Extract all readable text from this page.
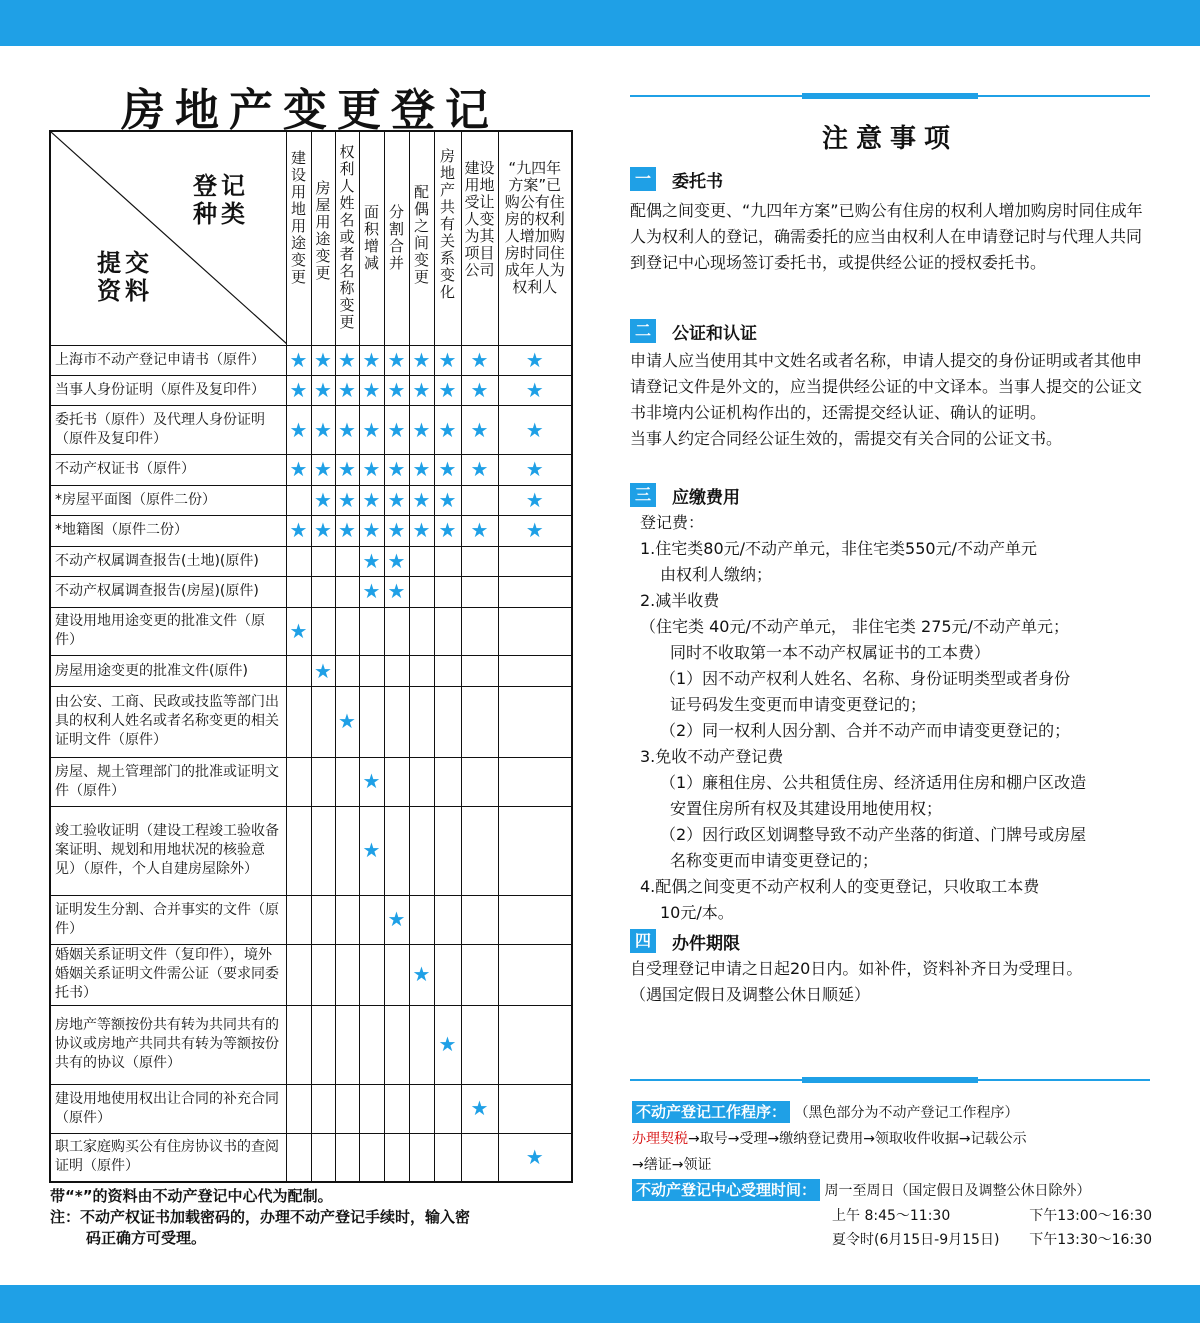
房地产变更登记
登记
种类
提交
资料	建设用地用途变更	房屋用途变更	权利人姓名或者名称变更	面积增减	分割合并	配偶之间变更	房地产共有关系变化	建设用地受让人变为其项目公司	“九四年方案”已购公有住房的权利人增加购房时同住成年人为权利人

上海市不动产登记申请书（原件）	★	★	★	★	★	★	★	★	★
当事人身份证明（原件及复印件）	★	★	★	★	★	★	★	★	★
委托书（原件）及代理人身份证明（原件及复印件）	★	★	★	★	★	★	★	★	★
不动产权证书（原件）	★	★	★	★	★	★	★	★	★
*房屋平面图（原件二份）		★	★	★	★	★	★		★
*地籍图（原件二份）	★	★	★	★	★	★	★	★	★
不动产权属调查报告(土地)(原件)				★	★				
不动产权属调查报告(房屋)(原件)				★	★				
建设用地用途变更的批准文件（原件）	★								
房屋用途变更的批准文件(原件)		★							
由公安、工商、民政或技监等部门出具的权利人姓名或者名称变更的相关证明文件（原件）			★						
房屋、规土管理部门的批准或证明文件（原件）				★					
竣工验收证明（建设工程竣工验收备案证明、规划和用地状况的核验意见）（原件，个人自建房屋除外）				★					
证明发生分割、合并事实的文件（原件）					★				
婚姻关系证明文件（复印件），境外婚姻关系证明文件需公证（要求同委托书）						★			
房地产等额按份共有转为共同共有的协议或房地产共同共有转为等额按份共有的协议（原件）							★		
建设用地使用权出让合同的补充合同（原件）								★	
职工家庭购买公有住房协议书的查阅证明（原件）									★
带“*”的资料由不动产登记中心代为配制。
注：不动产权证书加载密码的，办理不动产登记手续时，输入密
码正确方可受理。
注意事项
一 委托书

配偶之间变更、“九四年方案”已购公有住房的权利人增加购房时同住成年人为权利人的登记，确需委托的应当由权利人在申请登记时与代理人共同到登记中心现场签订委托书，或提供经公证的授权委托书。

二 公证和认证

申请人应当使用其中文姓名或者名称，申请人提交的身份证明或者其他申请登记文件是外文的，应当提供经公证的中文译本。当事人提交的公证文书非境内公证机构作出的，还需提交经认证、确认的证明。

当事人约定合同经公证生效的，需提交有关合同的公证文书。

三 应缴费用

登记费：

1.住宅类80元/不动产单元，非住宅类550元/不动产单元

由权利人缴纳；

2.减半收费

（住宅类 40元/不动产单元， 非住宅类 275元/不动产单元；

同时不收取第一本不动产权属证书的工本费）

（1）因不动产权利人姓名、名称、身份证明类型或者身份

证号码发生变更而申请变更登记的；

（2）同一权利人因分割、合并不动产而申请变更登记的；

3.免收不动产登记费

（1）廉租住房、公共租赁住房、经济适用住房和棚户区改造

安置住房所有权及其建设用地使用权；

（2）因行政区划调整导致不动产坐落的街道、门牌号或房屋

名称变更而申请变更登记的；

4.配偶之间变更不动产权利人的变更登记，只收取工本费

10元/本。

四 办件期限

自受理登记申请之日起20日内。如补件，资料补齐日为受理日。

（遇国定假日及调整公休日顺延）

不动产登记工作程序： （黑色部分为不动产登记工作程序）
办理契税→取号→受理→缴纳登记费用→领取收件收据→记载公示
→缮证→领证
不动产登记中心受理时间： 周一至周日（国定假日及调整公休日除外）
上午 8:45～11:30	下午13:00～16:30
夏令时(6月15日-9月15日) 下午13:30～16:30
